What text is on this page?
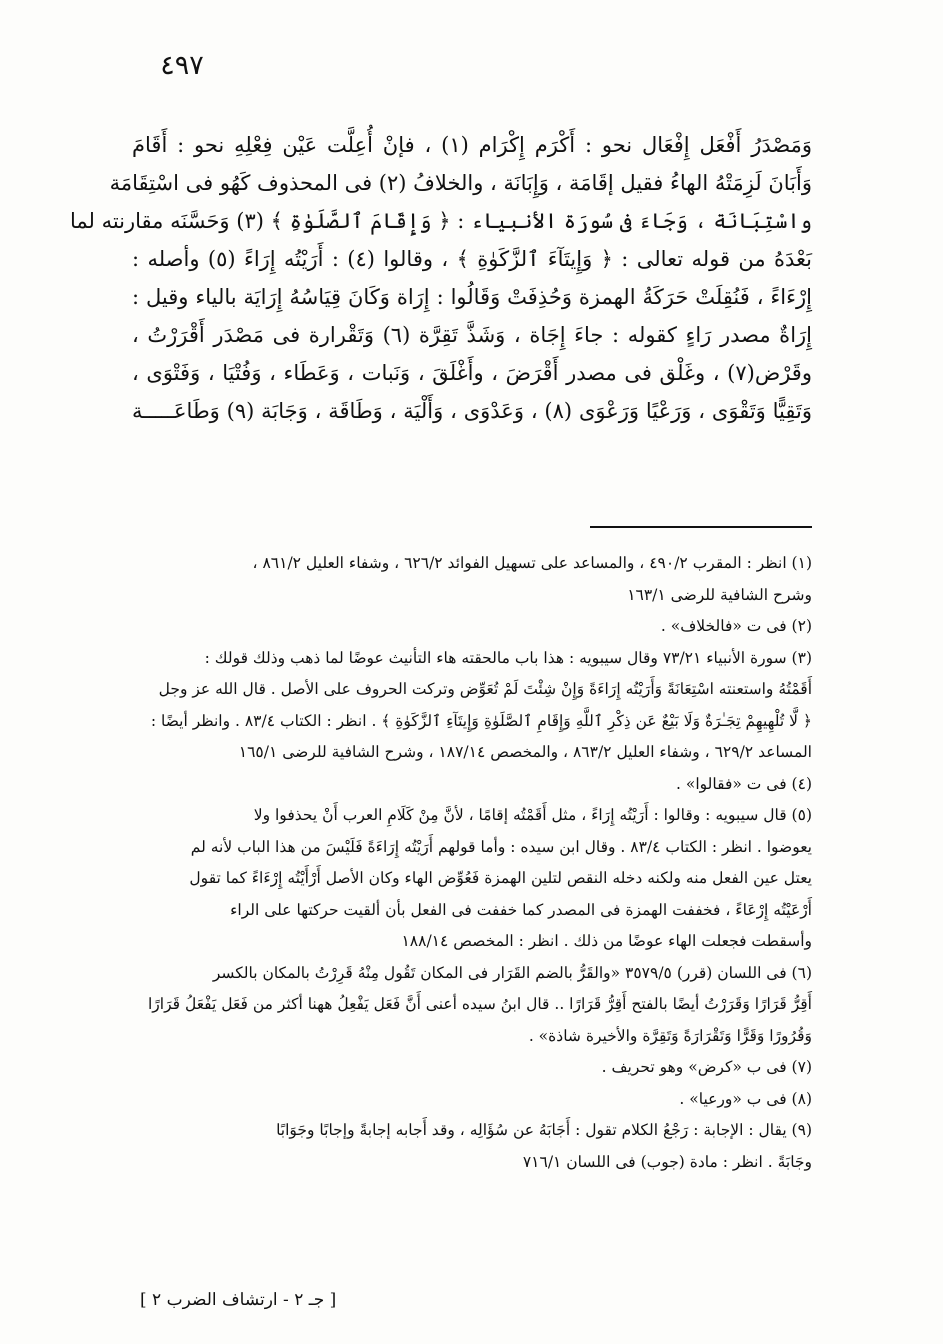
٤٩٧
وَمَصْدَرُ أَفْعَل إِفْعَال نحو : أَكْرَم إِكْرَام (١) ، فإنْ أُعِلَّت عَيْن فِعْلِهِ نحو : أَقَامَ
وَأَبَانَ لَزِمَتْهُ الهاءُ فقيل إقَامَة ، وَإِبَانَة ، والخلافُ (٢) فى المحذوف كَهُو فى اسْتِقَامَة
واسْتِبَانَة ، وَجَاءَ فى سُورَة الأنبياء : ﴿ وَإِقَامَ ٱلصَّلَوٰةِ ﴾ (٣) وَحَسَّنَه مقارنته لما
بَعْدَهُ من قوله تعالى : ﴿ وَإِيتَآءَ ٱلزَّكَوٰةِ ﴾ ، وقالوا (٤) : أَرَيْتُه إِرَاءً (٥) وأصله :
إِرْءَاءً ، فَنُقِلَتْ حَرَكَةُ الهمزة وَحُذِفَتْ وَقَالُوا : إِرَاة وَكَانَ قِيَاسُهُ إِرَايَة بالياء وقيل :
إِرَاةٌ مصدر رَاءٍ كقوله : جاءَ إِجَاة ، وَشَذَّ تَقِرَّة (٦) وَتَقْرارة فى مَصْدَر أَقْرَرْتُ ،
وقَرْض(٧) ، وغَلْق فى مصدر أَقْرَضَ ، وأَغْلَقَ ، وَنَبات ، وَعَطَاء ، وَفُتْيَا ، وَفَتْوَى ،
وَتَقِيًّا وَتَقْوَى ، وَرَعْيًا وَرَعْوَى (٨) ، وَعَدْوَى ، وَأَلْيَة ، وَطَاقَة ، وَجَابَة (٩) وَطَاعَـــــة

(١) انظر : المقرب ٤٩٠/٢ ، والمساعد على تسهيل الفوائد ٦٢٦/٢ ، وشفاء العليل ٨٦١/٢ ،

وشرح الشافية للرضى ١٦٣/١

(٢) فى ت «فالخلاف» .

(٣) سورة الأنبياء ٧٣/٢١ وقال سيبويه : هذا باب مالحقته هاء التأنيث عوضًا لما ذهب وذلك قولك :

أَقَمْتُهُ واستعنته اسْتِعَانَةً وَأَرَيْتُه إِرَاءَةً وَإِنْ شِئْتَ لَمْ تُعَوِّض وتركت الحروف على الأصل . قال الله عز وجل

﴿ لَّا تُلْهِيهِمْ تِجَـٰرَةٌ وَلَا بَيْعٌ عَن ذِكْرِ ٱللَّهِ وَإِقَامِ ٱلصَّلَوٰةِ وَإِيتَآءِ ٱلزَّكَوٰةِ ﴾ . انظر : الكتاب ٨٣/٤ . وانظر أيضًا :

المساعد ٦٢٩/٢ ، وشفاء العليل ٨٦٣/٢ ، والمخصص ١٨٧/١٤ ، وشرح الشافية للرضى ١٦٥/١

(٤) فى ت «فقالوا» .

(٥) قال سيبويه : وقالوا : أَرَيْتُه إِرَاءً ، مثل أَقَمْتُه إقامًا ، لأنَّ مِنْ كَلَامِ العرب أَنْ يحذفوا ولا

يعوضوا . انظر : الكتاب ٨٣/٤ . وقال ابن سيده : وأما قولهم أَرَيْتُه إِرَاءَةً فَلَيْسَ من هذا الباب لأنه لم

يعتل عين الفعل منه ولكنه دخله النقص لتلين الهمزة فَعُوِّض الهاء وكان الأصل أَرْأَيْتُه إِرْءَاءً كما تقول

أَرْعَيْتُه إِرْعَاءً ، فخففت الهمزة فى المصدر كما خففت فى الفعل بأن ألقيت حركتها على الراء

وأسقطت فجعلت الهاء عوضًا من ذلك . انظر : المخصص ١٨٨/١٤

(٦) فى اللسان (قرر) ٣٥٧٩/٥ «والقَرُّ بالضم القَرَار فى المكان تَقُول مِنْهُ قَرِرْتُ بالمكان بالكسر

أَقِرُّ قَرَارًا وَقَرَرْتُ أيضًا بالفتح أَقِرُّ قَرَارًا .. قال ابنُ سيده أعنى أَنَّ فَعَل يَفْعِلُ ههنا أكثر من فَعَل يَفْعَلُ قَرَارًا

وَقُرُورًا وَقَرًّا وَتَقْرَارَةً وَتَقِرَّة والأخيرة شاذة» .

(٧) فى ب «كرض» وهو تحريف .

(٨) فى ب «ورعيا» .

(٩) يقال : الإجابة : رَجْعُ الكلام تقول : أَجَابَهُ عن سُؤَالِه ، وقد أَجابه إجابةً وإجابًا وجَوَابًا

وجَابَةً . انظر : مادة (جوب) فى اللسان ٧١٦/١

[ جـ ٢ - ارتشاف الضرب ٢ ]
